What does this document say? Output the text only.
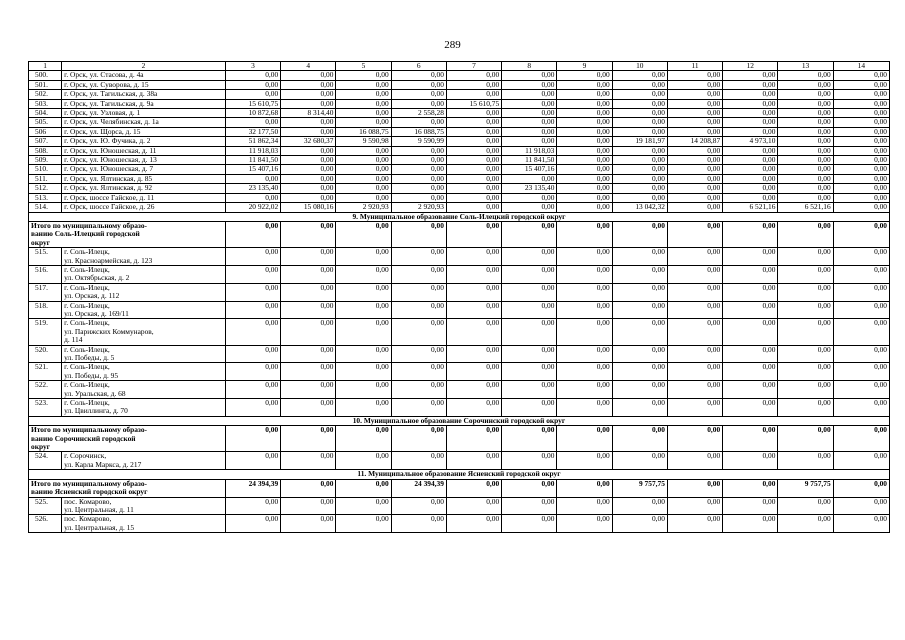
289
1	2	3	4	5	6	7	8	9	10	11	12	13	14
500.	г. Орск, ул. Стасова, д. 4а	0,00	0,00	0,00	0,00	0,00	0,00	0,00	0,00	0,00	0,00	0,00	0,00
501.	г. Орск, ул. Суворова, д. 15	0,00	0,00	0,00	0,00	0,00	0,00	0,00	0,00	0,00	0,00	0,00	0,00
502.	г. Орск, ул. Тагильская, д. 38а	0,00	0,00	0,00	0,00	0,00	0,00	0,00	0,00	0,00	0,00	0,00	0,00
503.	г. Орск, ул. Тагильская, д. 9а	15 610,75	0,00	0,00	0,00	15 610,75	0,00	0,00	0,00	0,00	0,00	0,00	0,00
504.	г. Орск, ул. Узловая, д. 1	10 872,68	8 314,40	0,00	2 558,28	0,00	0,00	0,00	0,00	0,00	0,00	0,00	0,00
505.	г. Орск, ул. Челябинская, д. 1а	0,00	0,00	0,00	0,00	0,00	0,00	0,00	0,00	0,00	0,00	0,00	0,00
506	г. Орск, ул. Щорса, д. 15	32 177,50	0,00	16 088,75	16 088,75	0,00	0,00	0,00	0,00	0,00	0,00	0,00	0,00
507.	г. Орск, ул. Ю. Фучика, д. 2	51 862,34	32 680,37	9 590,98	9 590,99	0,00	0,00	0,00	19 181,97	14 208,87	4 973,10	0,00	0,00
508.	г. Орск, ул. Юношеская, д. 11	11 918,03	0,00	0,00	0,00	0,00	11 918,03	0,00	0,00	0,00	0,00	0,00	0,00
509.	г. Орск, ул. Юношеская, д. 13	11 841,50	0,00	0,00	0,00	0,00	11 841,50	0,00	0,00	0,00	0,00	0,00	0,00
510.	г. Орск, ул. Юношеская, д. 7	15 407,16	0,00	0,00	0,00	0,00	15 407,16	0,00	0,00	0,00	0,00	0,00	0,00
511.	г. Орск, ул. Ялтинская, д. 85	0,00	0,00	0,00	0,00	0,00	0,00	0,00	0,00	0,00	0,00	0,00	0,00
512.	г. Орск, ул. Ялтинская, д. 92	23 135,40	0,00	0,00	0,00	0,00	23 135,40	0,00	0,00	0,00	0,00	0,00	0,00
513.	г. Орск, шоссе Гайское, д. 11	0,00	0,00	0,00	0,00	0,00	0,00	0,00	0,00	0,00	0,00	0,00	0,00
514.	г. Орск, шоссе Гайское, д. 26	20 922,02	15 080,16	2 920,93	2 920,93	0,00	0,00	0,00	13 042,32	0,00	6 521,16	6 521,16	0,00
9. Муниципальное образование Соль-Илецкий городской округ													
Итого по муниципальному образо-
ванию Соль-Илецкий городской
округ		0,00	0,00	0,00	0,00	0,00	0,00	0,00	0,00	0,00	0,00	0,00	0,00
515.	г. Соль-Илецк,
ул. Красноармейская, д. 123	0,00	0,00	0,00	0,00	0,00	0,00	0,00	0,00	0,00	0,00	0,00	0,00
516.	г. Соль-Илецк,
ул. Октябрьская, д. 2	0,00	0,00	0,00	0,00	0,00	0,00	0,00	0,00	0,00	0,00	0,00	0,00
517.	г. Соль-Илецк,
ул. Орская, д. 112	0,00	0,00	0,00	0,00	0,00	0,00	0,00	0,00	0,00	0,00	0,00	0,00
518.	г. Соль-Илецк,
ул. Орская, д. 169/11	0,00	0,00	0,00	0,00	0,00	0,00	0,00	0,00	0,00	0,00	0,00	0,00
519.	г. Соль-Илецк,
ул. Парижских Коммунаров,
д. 114	0,00	0,00	0,00	0,00	0,00	0,00	0,00	0,00	0,00	0,00	0,00	0,00
520.	г. Соль-Илецк,
ул. Победы, д. 5	0,00	0,00	0,00	0,00	0,00	0,00	0,00	0,00	0,00	0,00	0,00	0,00
521.	г. Соль-Илецк,
ул. Победы, д. 95	0,00	0,00	0,00	0,00	0,00	0,00	0,00	0,00	0,00	0,00	0,00	0,00
522.	г. Соль-Илецк,
ул. Уральская, д. 68	0,00	0,00	0,00	0,00	0,00	0,00	0,00	0,00	0,00	0,00	0,00	0,00
523.	г. Соль-Илецк,
ул. Цвиллинга, д. 70	0,00	0,00	0,00	0,00	0,00	0,00	0,00	0,00	0,00	0,00	0,00	0,00
10. Муниципальное образование Сорочинский городской округ													
Итого по муниципальному образо-
ванию Сорочинский городской
округ		0,00	0,00	0,00	0,00	0,00	0,00	0,00	0,00	0,00	0,00	0,00	0,00
524.	г. Сорочинск,
ул. Карла Маркса, д. 217	0,00	0,00	0,00	0,00	0,00	0,00	0,00	0,00	0,00	0,00	0,00	0,00
11. Муниципальное образование Ясненский городской округ													
Итого по муниципальному образо-
ванию Ясненский городской округ		24 394,39	0,00	0,00	24 394,39	0,00	0,00	0,00	9 757,75	0,00	0,00	9 757,75	0,00
525.	пос. Комарово,
ул. Центральная, д. 11	0,00	0,00	0,00	0,00	0,00	0,00	0,00	0,00	0,00	0,00	0,00	0,00
526.	пос. Комарово,
ул. Центральная, д. 15	0,00	0,00	0,00	0,00	0,00	0,00	0,00	0,00	0,00	0,00	0,00	0,00
